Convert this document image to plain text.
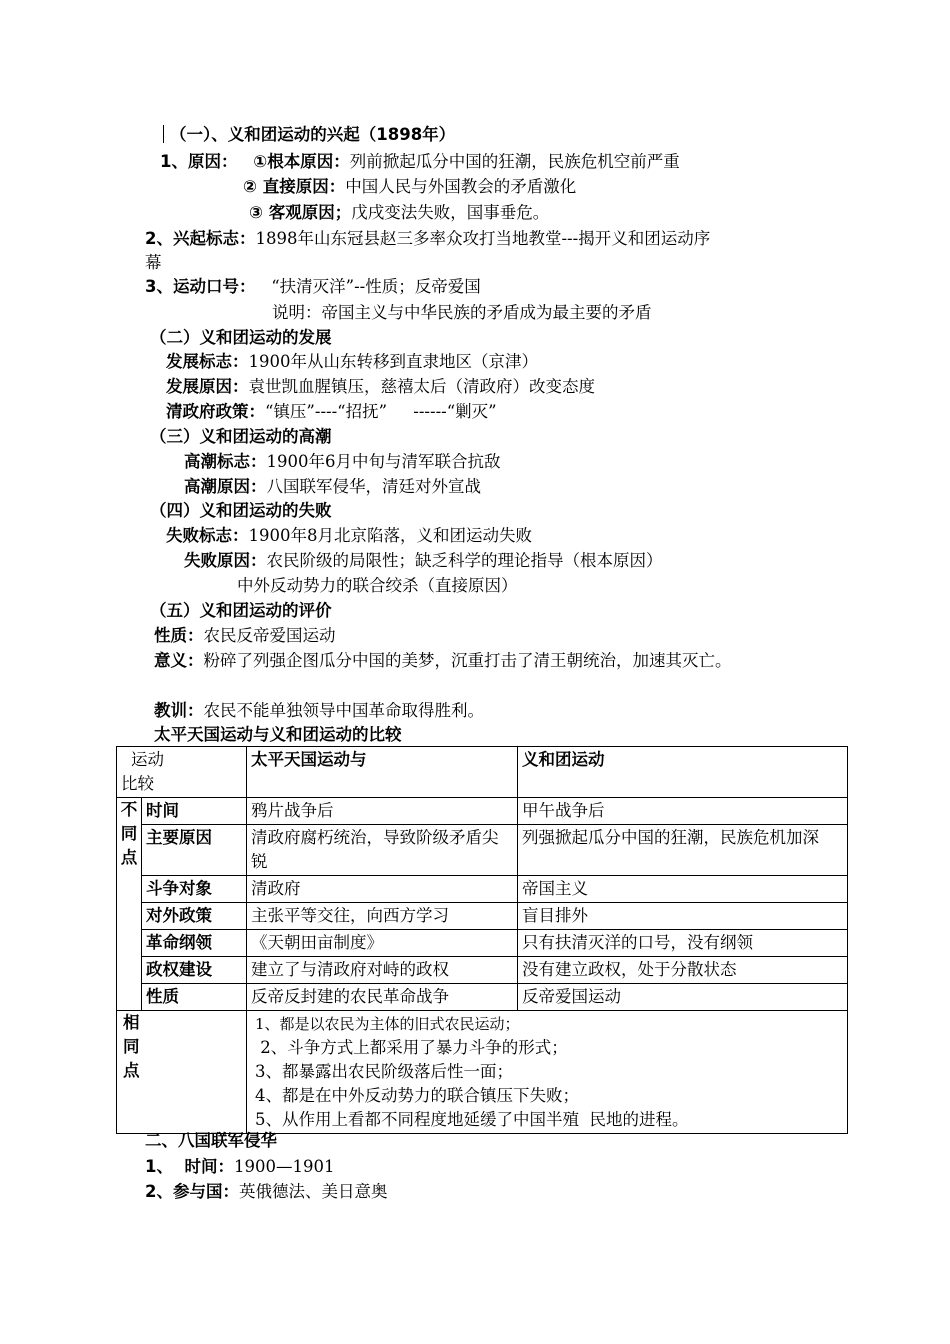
（一）、义和团运动的兴起（1898年）
1、原因： ①根本原因：列前掀起瓜分中国的狂潮，民族危机空前严重
② 直接原因：中国人民与外国教会的矛盾激化
③ 客观原因；戊戌变法失败，国事垂危。
2、兴起标志：1898年山东冠县赵三多率众攻打当地教堂---揭开义和团运动序
幕
3、运动口号： “扶清灭洋”--性质；反帝爱国
说明：帝国主义与中华民族的矛盾成为最主要的矛盾
（二）义和团运动的发展
发展标志：1900年从山东转移到直隶地区（京津）
发展原因：袁世凯血腥镇压，慈禧太后（清政府）改变态度
清政府政策：“镇压”----“招抚”     ------“剿灭”
（三）义和团运动的高潮
高潮标志：1900年6月中旬与清军联合抗敌
高潮原因：八国联军侵华，清廷对外宣战
（四）义和团运动的失败
失败标志：1900年8月北京陷落，义和团运动失败
失败原因：农民阶级的局限性；缺乏科学的理论指导（根本原因）
中外反动势力的联合绞杀（直接原因）
（五）义和团运动的评价
性质：农民反帝爱国运动
意义：粉碎了列强企图瓜分中国的美梦，沉重打击了清王朝统治，加速其灭亡。
教训：农民不能单独领导中国革命取得胜利。
太平天国运动与义和团运动的比较
运动
比较		太平天国运动与	义和团运动

不同点	时间	鸦片战争后	甲午战争后
	主要原因	清政府腐朽统治，导致阶级矛盾尖锐	列强掀起瓜分中国的狂潮，民族危机加深
	斗争对象	清政府	帝国主义
	对外政策	主张平等交往，向西方学习	盲目排外
	革命纲领	《天朝田亩制度》	只有扶清灭洋的口号，没有纲领
	政权建设	建立了与清政府对峙的政权	没有建立政权，处于分散状态
	性质	反帝反封建的农民革命战争	反帝爱国运动

相同点		1、都是以农民为主体的旧式农民运动；

2、斗争方式上都采用了暴力斗争的形式；

3、都暴露出农民阶级落后性一面；

4、都是在中外反动势力的联合镇压下失败；

5、从作用上看都不同程度地延缓了中国半殖  民地的进程。	

二、八国联军侵华
1、  时间：1900—1901
2、参与国：英俄德法、美日意奥
